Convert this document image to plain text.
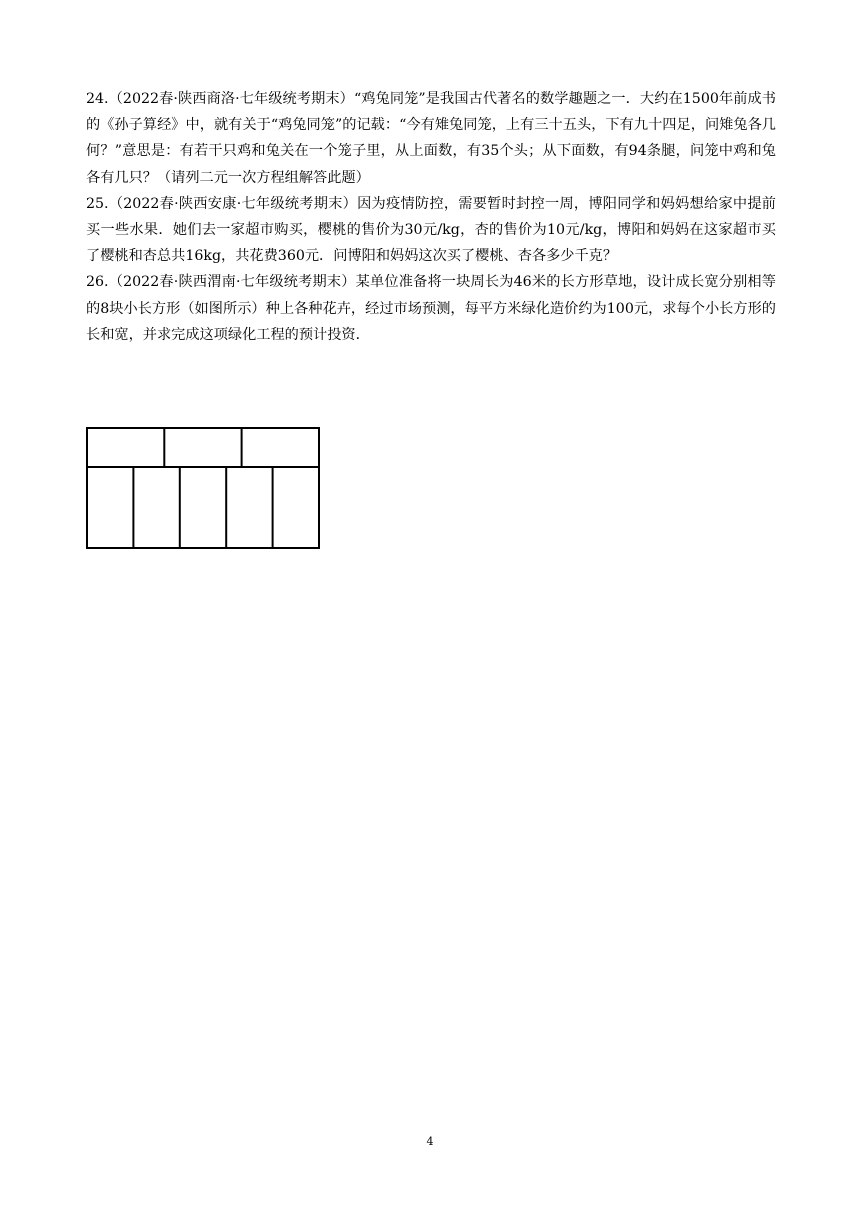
24.（2022春·陕西商洛·七年级统考期末）“鸡兔同笼”是我国古代著名的数学趣题之一．大约在1500年前成书的《孙子算经》中，就有关于“鸡兔同笼”的记载：“今有雉兔同笼，上有三十五头，下有九十四足，问雉兔各几何？”意思是：有若干只鸡和兔关在一个笼子里，从上面数，有35个头；从下面数，有94条腿，问笼中鸡和兔各有几只？（请列二元一次方程组解答此题）

25.（2022春·陕西安康·七年级统考期末）因为疫情防控，需要暂时封控一周，博阳同学和妈妈想给家中提前买一些水果．她们去一家超市购买，樱桃的售价为30元/kg，杏的售价为10元/kg，博阳和妈妈在这家超市买了樱桃和杏总共16kg，共花费360元．问博阳和妈妈这次买了樱桃、杏各多少千克？

26.（2022春·陕西渭南·七年级统考期末）某单位准备将一块周长为46米的长方形草地，设计成长宽分别相等的8块小长方形（如图所示）种上各种花卉，经过市场预测，每平方米绿化造价约为100元，求每个小长方形的长和宽，并求完成这项绿化工程的预计投资．

4
